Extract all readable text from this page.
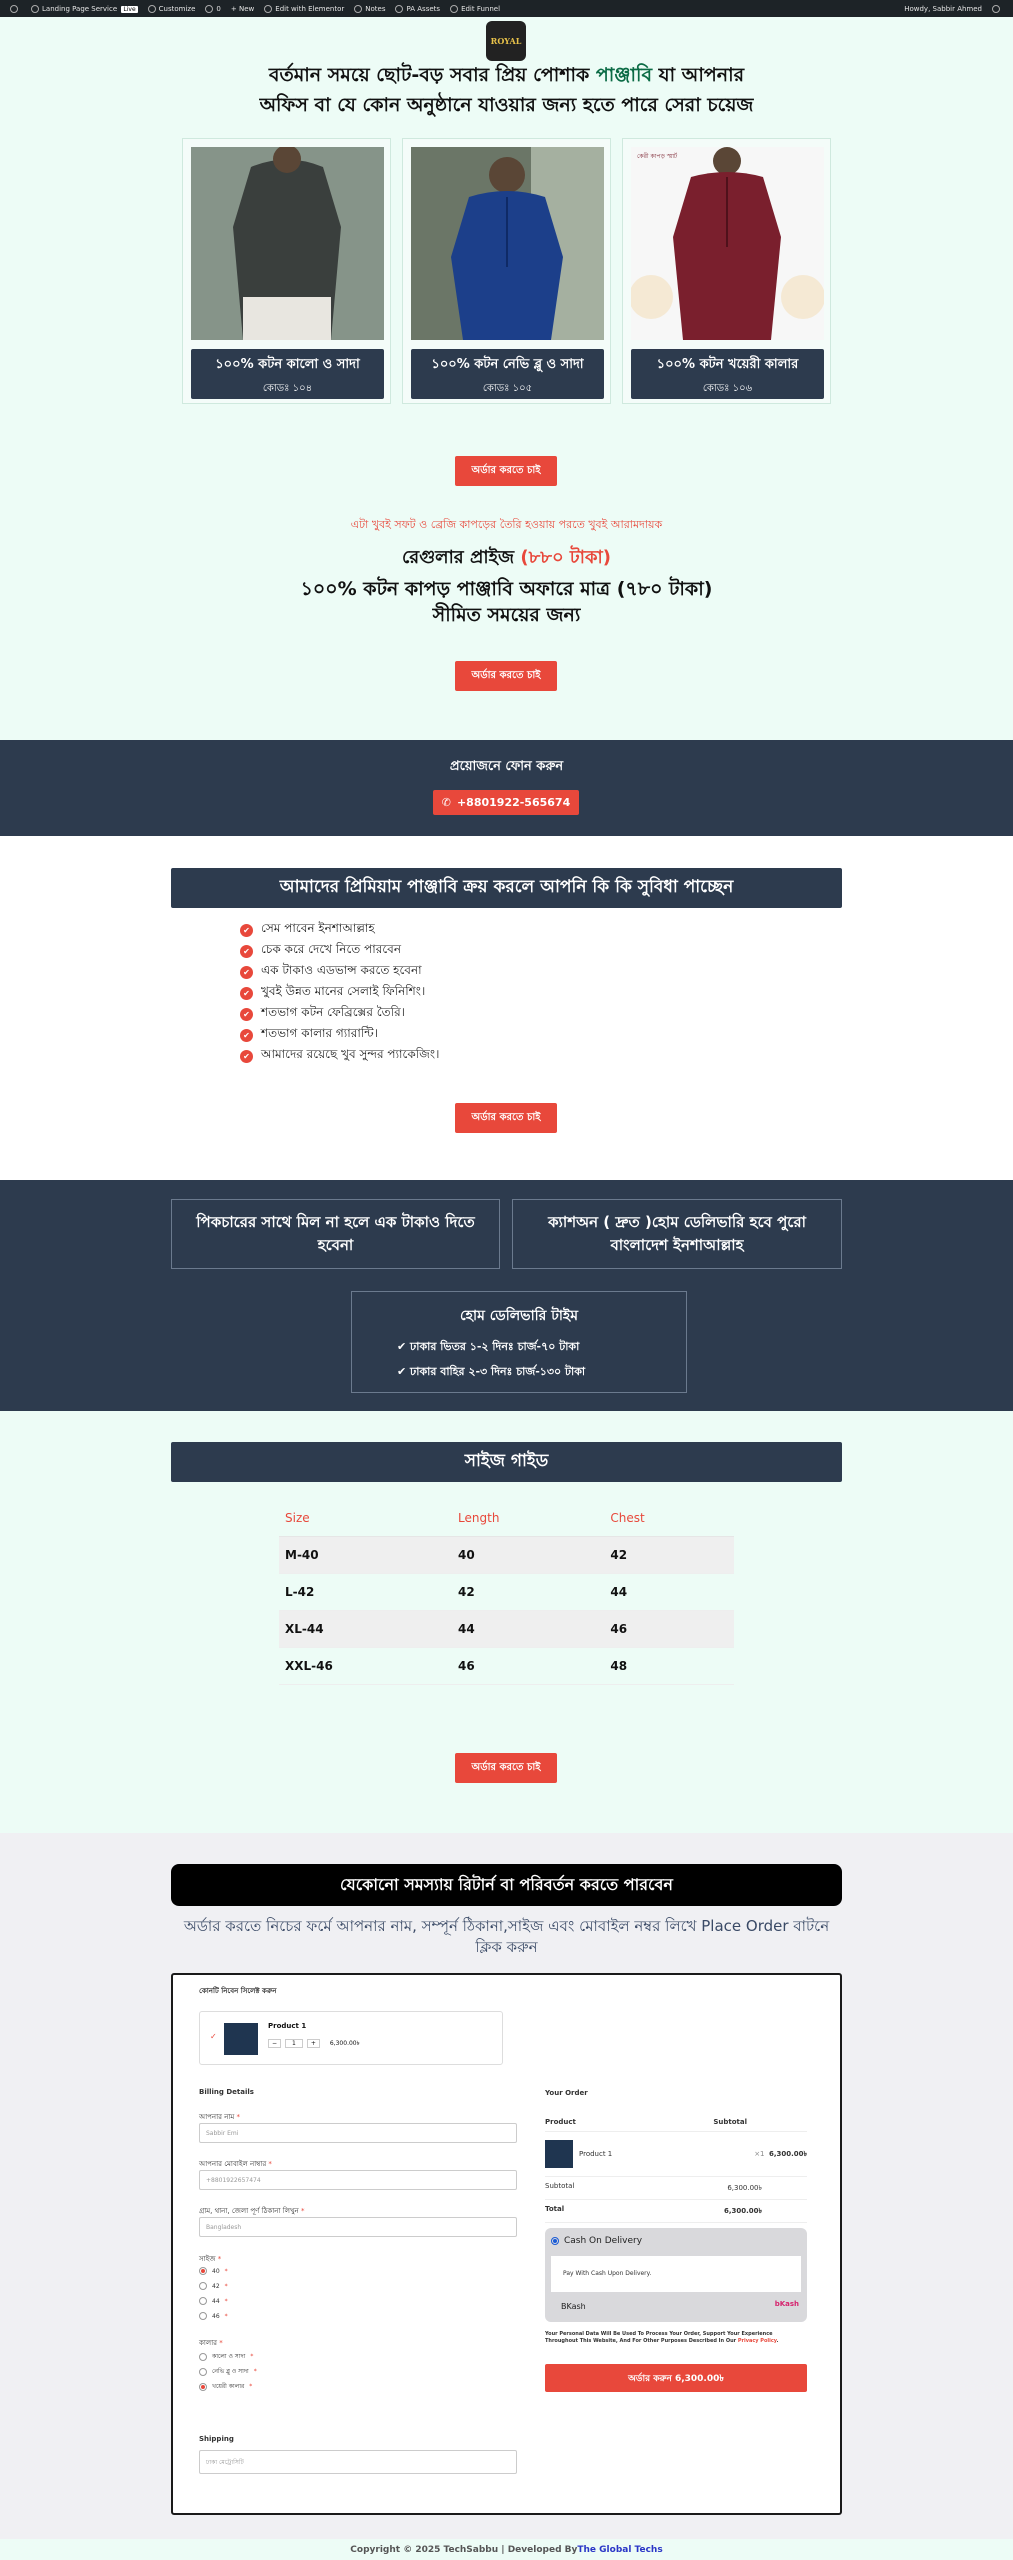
Landing Page Service Live	Customize	0 + New	Edit with Elementor	Notes	PA Assets	Edit Funnel	Howdy, Sabbir Ahmed
ROYAL
বর্তমান সময়ে ছোট-বড় সবার প্রিয় পোশাক পাঞ্জাবি যা আপনার
অফিস বা যে কোন অনুষ্ঠানে যাওয়ার জন্য হতে পারে সেরা চয়েজ
১০০% কটন কালো ও সাদা
কোডঃ ১০৪
১০০% কটন নেভি ব্লু ও সাদা
কোডঃ ১০৫
কেরী কাপড় স্মার্ট
১০০% কটন খয়েরী কালার
কোডঃ ১০৬
অর্ডার করতে চাই
এটা খুবই সফট ও ব্রেজি কাপড়ের তৈরি হওয়ায় পরতে খুবই আরামদায়ক
রেগুলার প্রাইজ (৮৮০ টাকা)
১০০% কটন কাপড় পাঞ্জাবি অফারে মাত্র (৭৮০ টাকা)
সীমিত সময়ের জন্য
অর্ডার করতে চাই
প্রয়োজনে ফোন করুন
✆ +8801922-565674
আমাদের প্রিমিয়াম পাঞ্জাবি ক্রয় করলে আপনি কি কি সুবিধা পাচ্ছেন
✔ সেম পাবেন ইনশাআল্লাহ
✔ চেক করে দেখে নিতে পারবেন
✔ এক টাকাও এডভান্স করতে হবেনা
✔ খুবই উন্নত মানের সেলাই ফিনিশিং।
✔ শতভাগ কটন ফেব্রিক্সের তৈরি।
✔ শতভাগ কালার গ্যারান্টি।
✔ আমাদের রয়েছে খুব সুন্দর প্যাকেজিং।
অর্ডার করতে চাই
পিকচারের সাথে মিল না হলে এক টাকাও দিতে হবেনা
ক্যাশঅন ( দ্রুত )হোম ডেলিভারি হবে পুরো বাংলাদেশ ইনশাআল্লাহ
হোম ডেলিভারি টাইম
✔ ঢাকার ভিতর ১-২ দিনঃ চার্জ-৭০ টাকা
✔ ঢাকার বাহির ২-৩ দিনঃ চার্জ-১৩০ টাকা
সাইজ গাইড
Size	Length	Chest
M-40	40	42
L-42	42	44
XL-44	44	46
XXL-46	46	48
অর্ডার করতে চাই
যেকোনো সমস্যায় রিটার্ন বা পরিবর্তন করতে পারবেন
অর্ডার করতে নিচের ফর্মে আপনার নাম, সম্পূর্ন ঠিকানা,সাইজ এবং মোবাইল নম্বর লিখে Place Order বাটনে ক্লিক করুন
কোনটি নিবেন সিলেক্ট করুন
✓
Product 1
−	1	+	6,300.00৳
Billing Details
আপনার নাম *
Sabbir Emi
আপনার মোবাইল নাম্বার *
+8801922657474
গ্রাম, থানা, জেলা পূর্ণ ঠিকানা লিখুন *
Bangladesh
সাইজ *
40 *
42 *
44 *
46 *
কালার *
কালো ও সাদা *
নেভি ব্লু ও সাদা *
খয়েরী কালার *
Shipping
ঢাকা মেট্রোসিটি
Your Order
Product	Subtotal
Product 1	×1 6,300.00৳
Subtotal	6,300.00৳
Total	6,300.00৳
Cash On Delivery
Pay With Cash Upon Delivery.
BKash	bKash
Your Personal Data Will Be Used To Process Your Order, Support Your Experience Throughout This Website, And For Other Purposes Described In Our Privacy Policy.
অর্ডার করুন 6,300.00৳
Copyright © 2025 TechSabbu | Developed By The Global Techs
